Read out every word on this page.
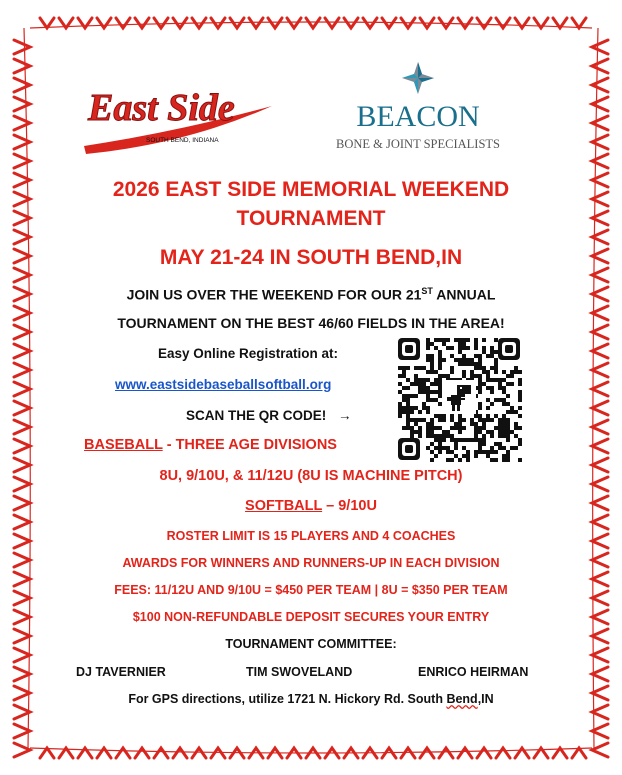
East Side
SOUTH BEND, INDIANA
BEACON
BONE & JOINT SPECIALISTS
2026 EAST SIDE MEMORIAL WEEKEND
TOURNAMENT
MAY 21-24 IN SOUTH BEND,IN
JOIN US OVER THE WEEKEND FOR OUR 21ST ANNUAL
TOURNAMENT ON THE BEST 46/60 FIELDS IN THE AREA!
Easy Online Registration at:
www.eastsidebaseballsoftball.org
SCAN THE QR CODE! →
BASEBALL - THREE AGE DIVISIONS
8U, 9/10U, & 11/12U (8U IS MACHINE PITCH)
SOFTBALL – 9/10U
ROSTER LIMIT IS 15 PLAYERS AND 4 COACHES
AWARDS FOR WINNERS AND RUNNERS-UP IN EACH DIVISION
FEES: 11/12U AND 9/10U = $450 PER TEAM | 8U = $350 PER TEAM
$100 NON-REFUNDABLE DEPOSIT SECURES YOUR ENTRY
TOURNAMENT COMMITTEE:
DJ TAVERNIER	TIM SWOVELAND	ENRICO HEIRMAN
For GPS directions, utilize 1721 N. Hickory Rd. South Bend,IN
